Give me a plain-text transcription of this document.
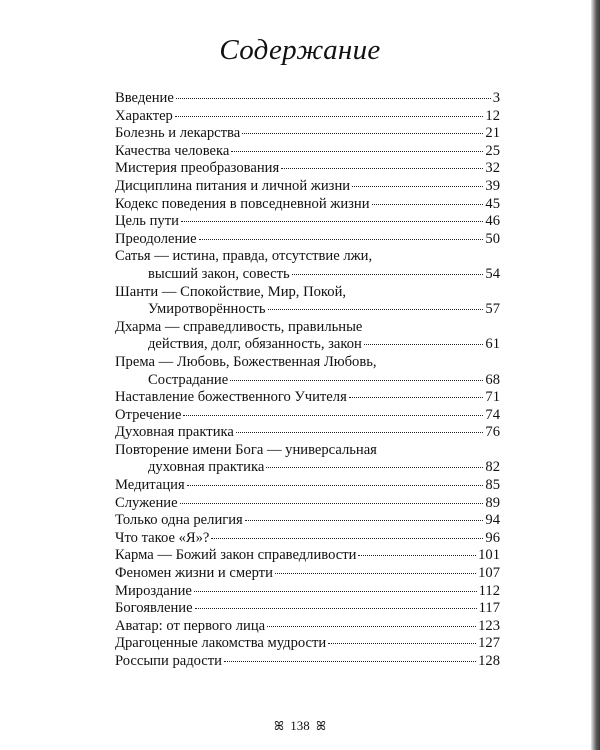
Содержание
Введение	3
Характер	12
Болезнь и лекарства	21
Качества человека	25
Мистерия преобразования	32
Дисциплина питания и личной жизни	39
Кодекс поведения в повседневной жизни	45
Цель пути	46
Преодоление	50
Сатья — истина, правда, отсутствие лжи,
высший закон, совесть	54
Шанти — Спокойствие, Мир, Покой,
Умиротворённость	57
Дхарма — справедливость, правильные
действия, долг, обязанность, закон	61
Према — Любовь, Божественная Любовь,
Сострадание	68
Наставление божественного Учителя	71
Отречение	74
Духовная практика	76
Повторение имени Бога — универсальная
духовная практика	82
Медитация	85
Служение	89
Только одна религия	94
Что такое «Я»?	96
Карма — Божий закон справедливости	101
Феномен жизни и смерти	107
Мироздание	112
Богоявление	117
Аватар: от первого лица	123
Драгоценные лакомства мудрости	127
Россыпи радости	128
ꕤ 138 ꕤ
